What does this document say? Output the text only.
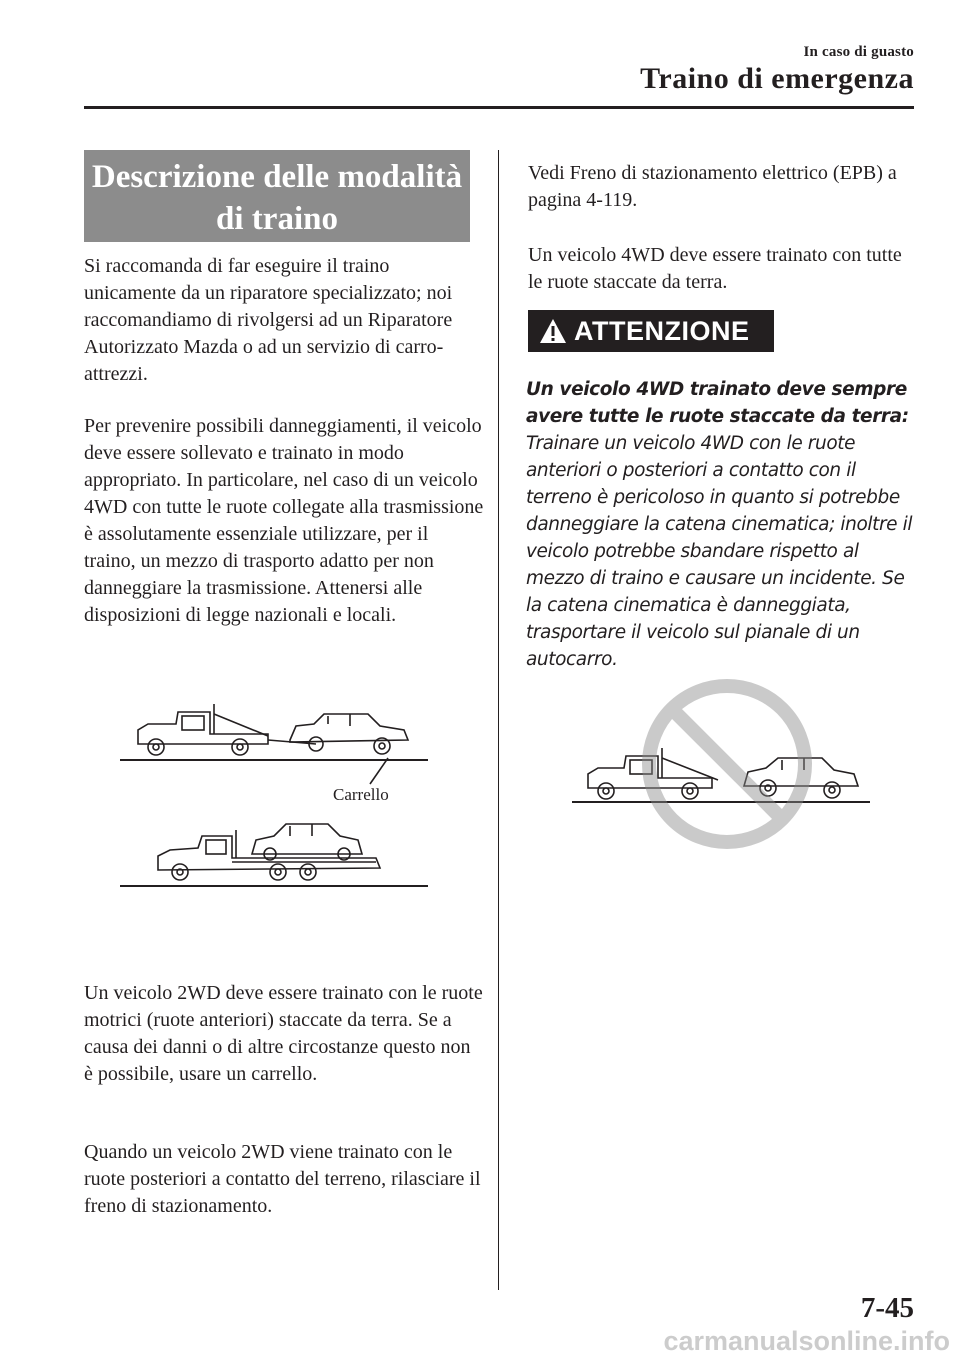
In caso di guasto
Traino di emergenza
Descrizione delle modalità
di traino

Si raccomanda di far eseguire il traino unicamente da un riparatore specializzato; noi raccomandiamo di rivolgersi ad un Riparatore Autorizzato Mazda o ad un servizio di carro-attrezzi.

Per prevenire possibili danneggiamenti, il veicolo deve essere sollevato e trainato in modo appropriato. In particolare, nel caso di un veicolo 4WD con tutte le ruote collegate alla trasmissione è assolutamente essenziale utilizzare, per il traino, un mezzo di trasporto adatto per non danneggiare la trasmissione. Attenersi alle disposizioni di legge nazionali e locali.

Carrello

Un veicolo 2WD deve essere trainato con le ruote motrici (ruote anteriori) staccate da terra. Se a causa dei danni o di altre circostanze questo non è possibile, usare un carrello.

Quando un veicolo 2WD viene trainato con le ruote posteriori a contatto del terreno, rilasciare il freno di stazionamento.

Vedi Freno di stazionamento elettrico (EPB) a pagina 4-119.

Un veicolo 4WD deve essere trainato con tutte le ruote staccate da terra.

ATTENZIONE
Un veicolo 4WD trainato deve sempre avere tutte le ruote staccate da terra:
Trainare un veicolo 4WD con le ruote anteriori o posteriori a contatto con il terreno è pericoloso in quanto si potrebbe danneggiare la catena cinematica; inoltre il veicolo potrebbe sbandare rispetto al mezzo di traino e causare un incidente. Se la catena cinematica è danneggiata, trasportare il veicolo sul pianale di un autocarro.
7-45
carmanualsonline.info
